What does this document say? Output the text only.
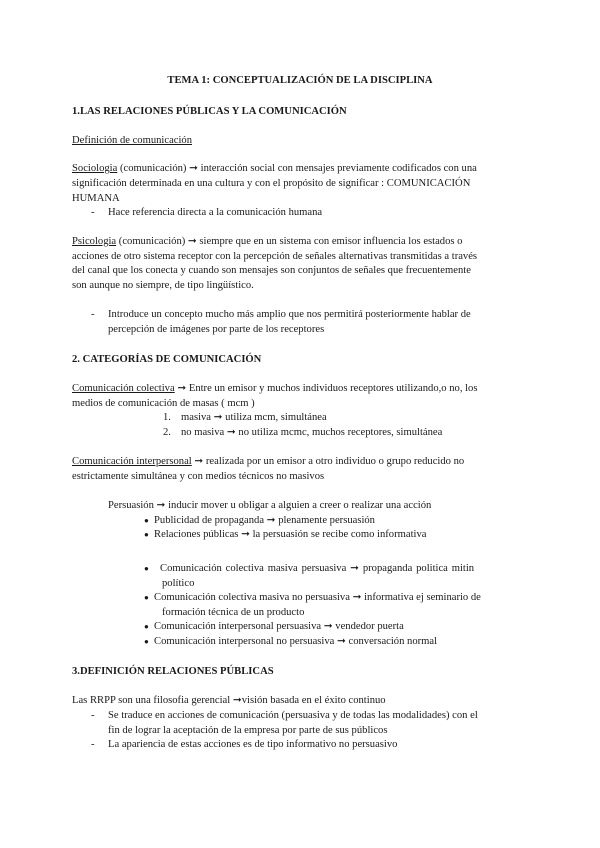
TEMA 1: CONCEPTUALIZACIÓN DE LA DISCIPLINA
1.LAS RELACIONES PÚBLICAS Y LA COMUNICACIÓN
Definición de comunicación
Sociologia (comunicación) ➞ interacción social con mensajes previamente codificados con una
significación determinada en una cultura y con el propósito de significar : COMUNICACIÓN
HUMANA
- Hace referencia directa a la comunicación humana
Psicologia (comunicación) ➞ siempre que en un sistema con emisor influencia los estados o
acciones de otro sistema receptor con la percepción de señales alternativas transmitidas a través
del canal que los conecta y cuando son mensajes son conjuntos de señales que frecuentemente
son aunque no siempre, de tipo lingüístico.
- Introduce un concepto mucho más amplio que nos permitirá posteriormente hablar de
percepción de imágenes por parte de los receptores
2. CATEGORÍAS DE COMUNICACIÓN
Comunicación colectiva ➞ Entre un emisor y muchos individuos receptores utilizando,o no, los
medios de comunicación de masas ( mcm )
1. masiva ➞ utiliza mcm, simultánea
2. no masiva ➞ no utiliza mcmc, muchos receptores, simultánea
Comunicación interpersonal ➞ realizada por un emisor a otro individuo o grupo reducido no
estrictamente simultánea y con medios técnicos no masivos
Persuasión ➞ inducir mover u obligar a alguien a creer o realizar una acción
● Publicidad de propaganda ➞ plenamente persuasión
● Relaciones públicas ➞ la persuasión se recibe como informativa
● Comunicación colectiva masiva persuasiva ➞ propaganda politica mitin
político
● Comunicación colectiva masiva no persuasiva ➞ informativa ej seminario de
formación técnica de un producto
● Comunicación interpersonal persuasiva ➞ vendedor puerta
● Comunicación interpersonal no persuasiva ➞ conversación normal
3.DEFINICIÓN RELACIONES PÚBLICAS
Las RRPP son una filosofia gerencial ➞visión basada en el éxito continuo
- Se traduce en acciones de comunicación (persuasiva y de todas las modalidades) con el
fin de lograr la aceptación de la empresa por parte de sus públicos
- La apariencia de estas acciones es de tipo informativo no persuasivo
